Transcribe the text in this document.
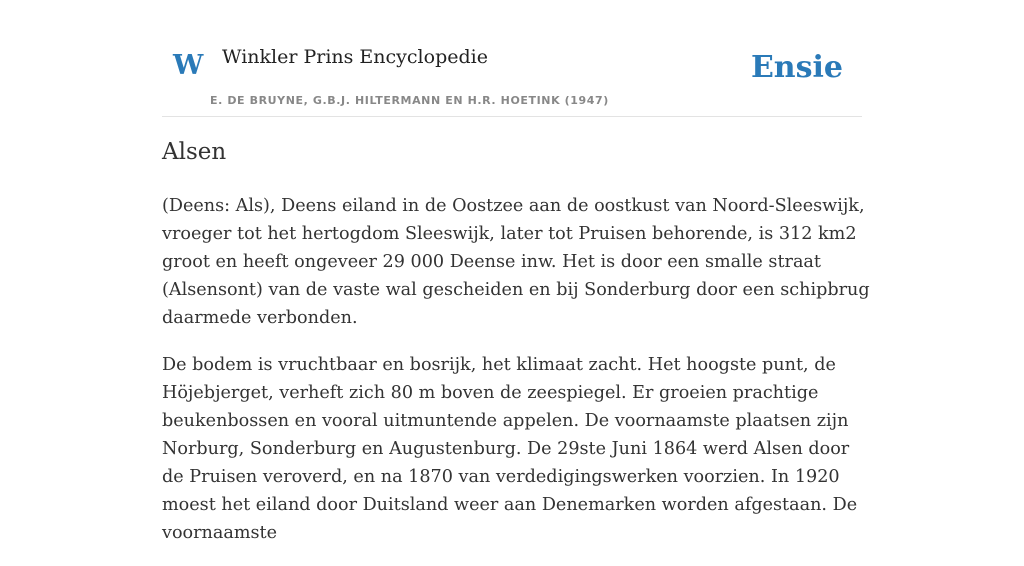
W Winkler Prins Encyclopedie	Ensie
E. DE BRUYNE, G.B.J. HILTERMANN EN H.R. HOETINK (1947)
Alsen

(Deens: Als), Deens eiland in de Oostzee aan de oostkust van Noord-Sleeswijk, vroeger tot het hertogdom Sleeswijk, later tot Pruisen behorende, is 312 km2 groot en heeft ongeveer 29 000 Deense inw. Het is door een smalle straat (Alsensont) van de vaste wal gescheiden en bij Sonderburg door een schipbrug daarmede verbonden.

De bodem is vruchtbaar en bosrijk, het klimaat zacht. Het hoogste punt, de Höjebjerget, verheft zich 80 m boven de zeespiegel. Er groeien prachtige beukenbossen en vooral uitmuntende appelen. De voornaamste plaatsen zijn Norburg, Sonderburg en Augustenburg. De 29ste Juni 1864 werd Alsen door de Pruisen veroverd, en na 1870 van verdedigingswerken voorzien. In 1920 moest het eiland door Duitsland weer aan Denemarken worden afgestaan. De voornaamste
